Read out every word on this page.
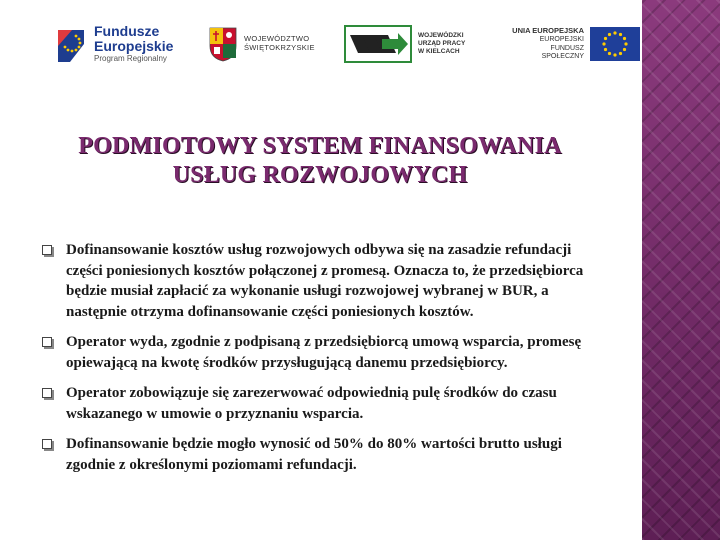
Fundusze
Europejskie
Program Regionalny
WOJEWÓDZTWO
ŚWIĘTOKRZYSKIE
WOJEWÓDZKI
URZĄD PRACY
W KIELCACH
UNIA EUROPEJSKA
EUROPEJSKI
FUNDUSZ SPOŁECZNY
PODMIOTOWY SYSTEM FINANSOWANIA
USŁUG ROZWOJOWYCH
Dofinansowanie kosztów usług rozwojowych odbywa się na zasadzie refundacji części poniesionych kosztów połączonej z promesą. Oznacza to, że przedsiębiorca będzie musiał zapłacić za wykonanie usługi rozwojowej wybranej w BUR, a następnie otrzyma dofinansowanie części poniesionych kosztów.
Operator wyda, zgodnie z podpisaną z przedsiębiorcą umową wsparcia, promesę opiewającą na kwotę środków przysługującą danemu przedsiębiorcy.
Operator zobowiązuje się zarezerwować odpowiednią pulę środków do czasu wskazanego w umowie o przyznaniu wsparcia.
Dofinansowanie będzie mogło wynosić od 50% do 80% wartości brutto usługi zgodnie z określonymi poziomami refundacji.
